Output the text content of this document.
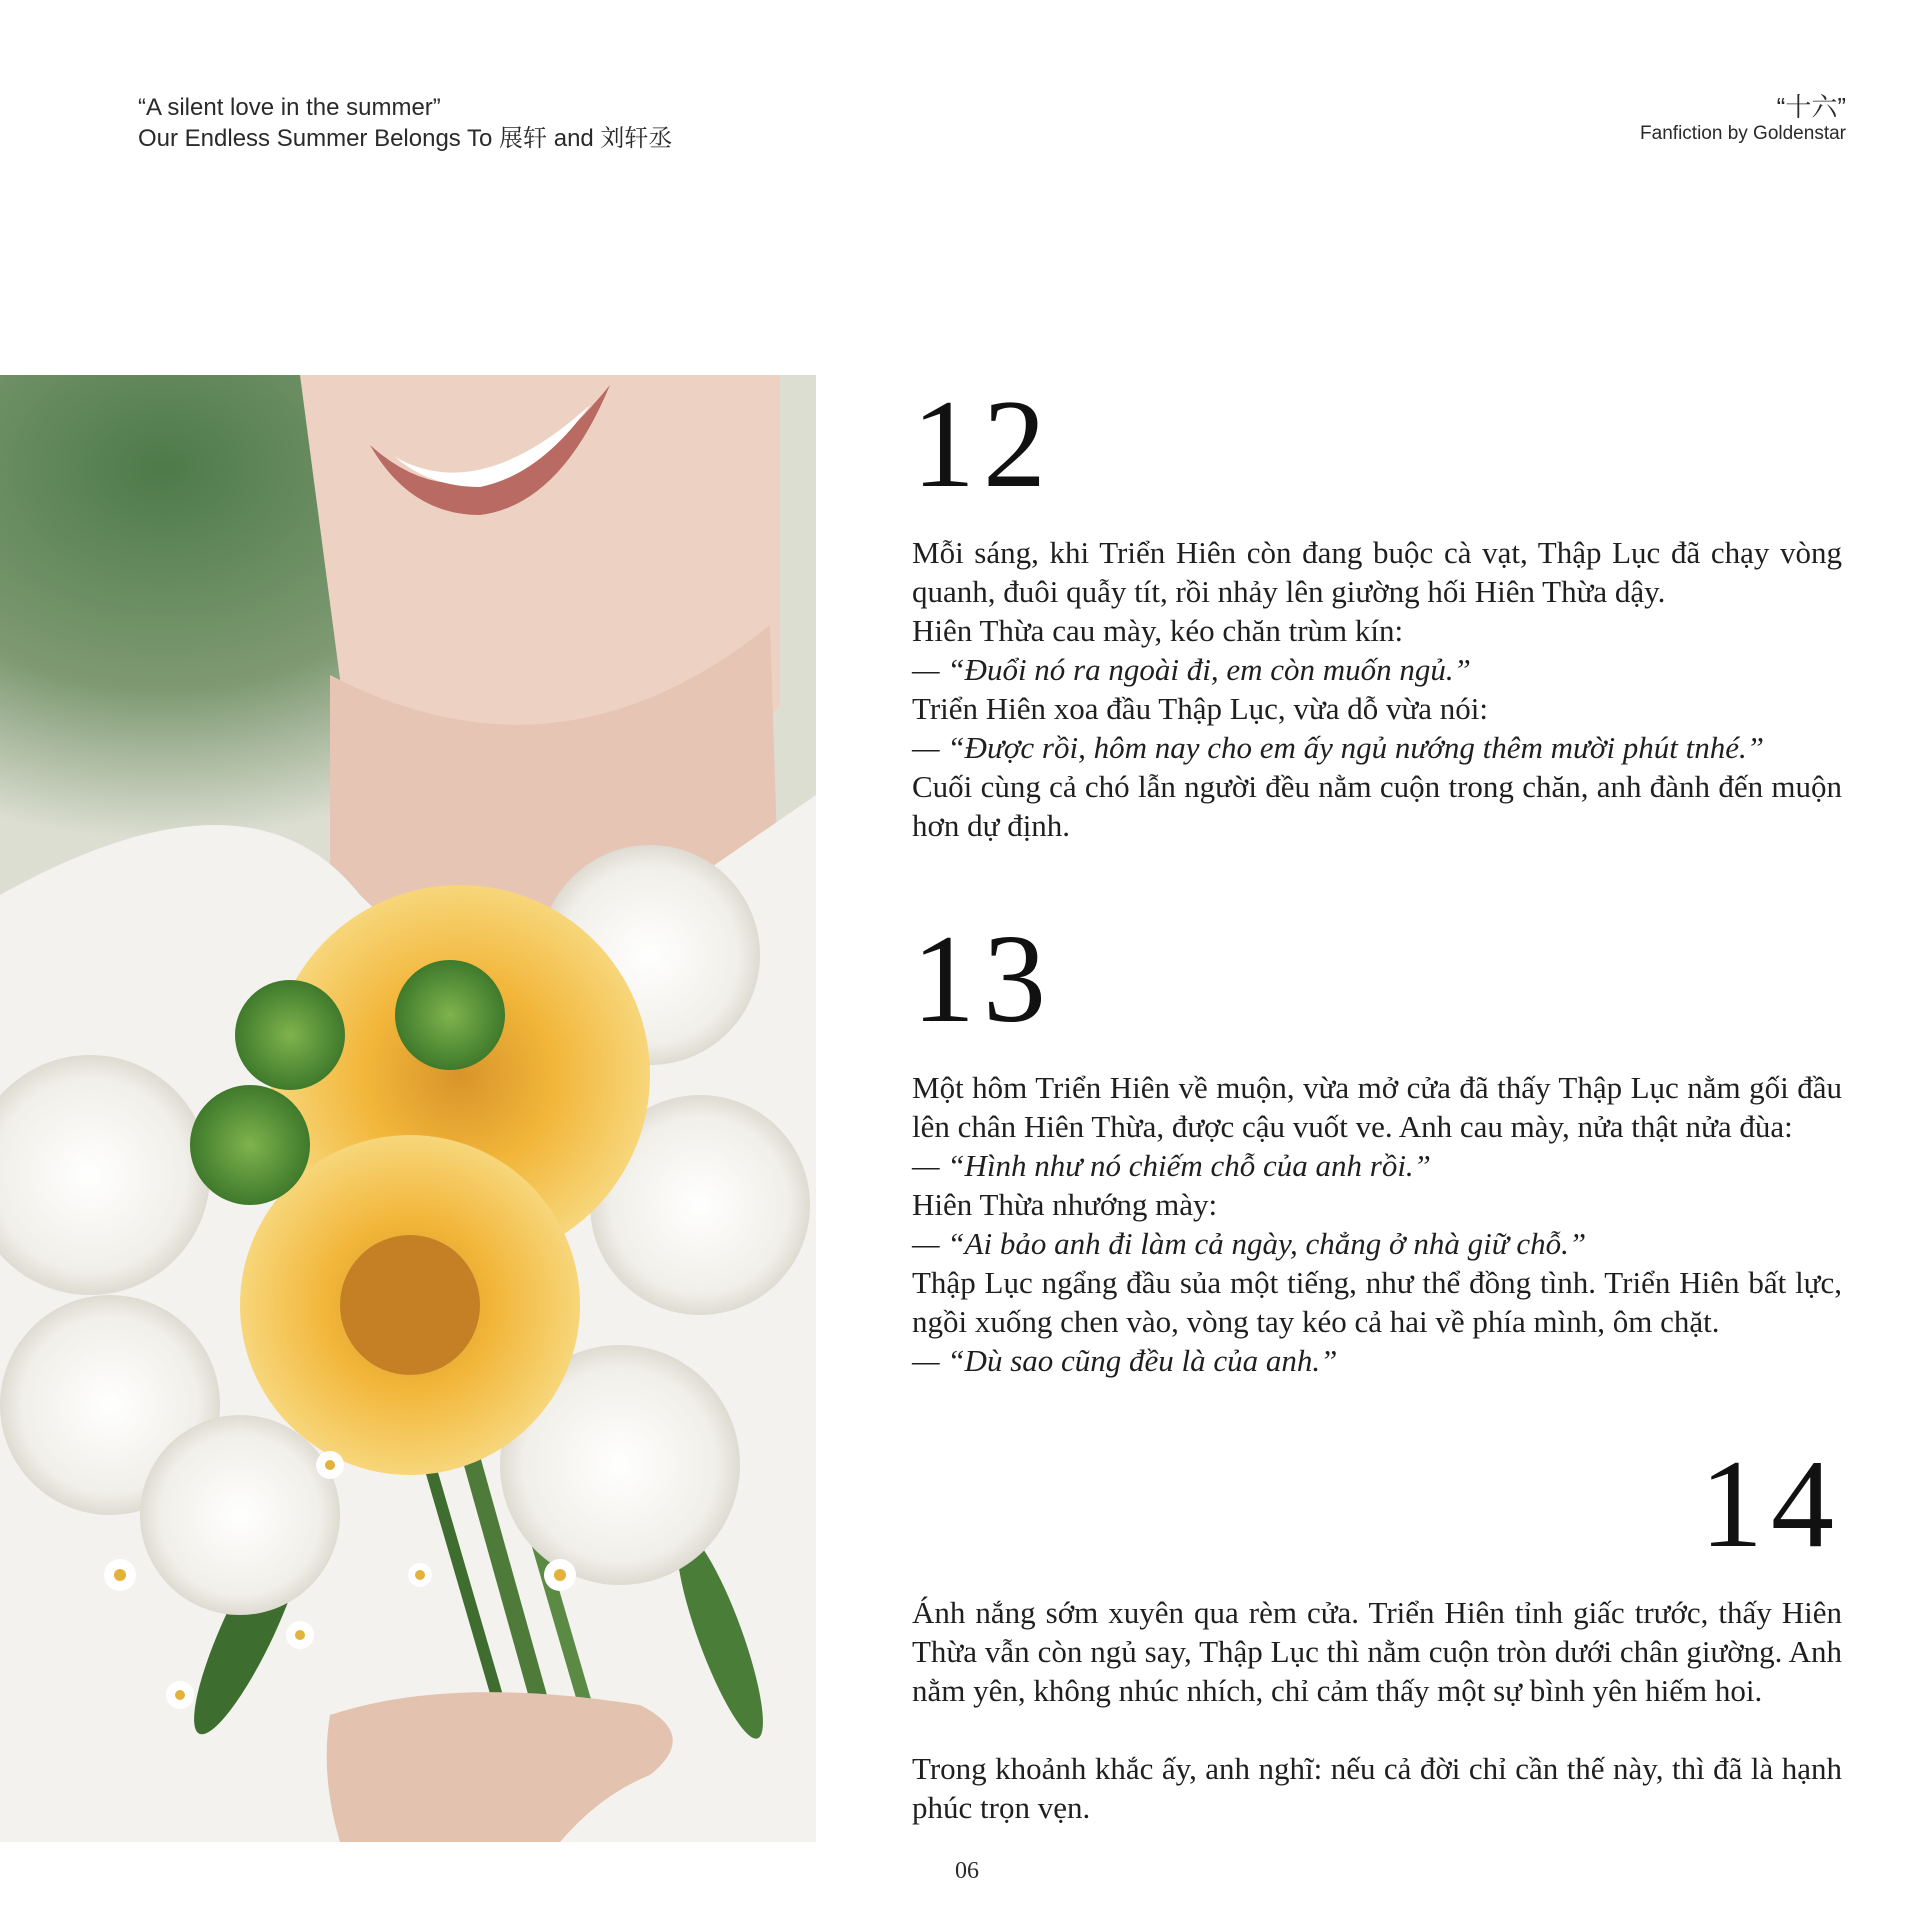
“A silent love in the summer”
Our Endless Summer Belongs To 展轩 and 刘轩丞
“十六”
Fanfiction by Goldenstar
12
Mỗi sáng, khi Triển Hiên còn đang buộc cà vạt, Thập Lục đã chạy vòng quanh, đuôi quẫy tít, rồi nhảy lên giường hối Hiên Thừa dậy.
Hiên Thừa cau mày, kéo chăn trùm kín:
— “Đuổi nó ra ngoài đi, em còn muốn ngủ.”
Triển Hiên xoa đầu Thập Lục, vừa dỗ vừa nói:
— “Được rồi, hôm nay cho em ấy ngủ nướng thêm mười phút tnhé.”
Cuối cùng cả chó lẫn người đều nằm cuộn trong chăn, anh đành đến muộn hơn dự định.
13
Một hôm Triển Hiên về muộn, vừa mở cửa đã thấy Thập Lục nằm gối đầu lên chân Hiên Thừa, được cậu vuốt ve. Anh cau mày, nửa thật nửa đùa:
— “Hình như nó chiếm chỗ của anh rồi.”
Hiên Thừa nhướng mày:
— “Ai bảo anh đi làm cả ngày, chẳng ở nhà giữ chỗ.”
Thập Lục ngẩng đầu sủa một tiếng, như thể đồng tình. Triển Hiên bất lực, ngồi xuống chen vào, vòng tay kéo cả hai về phía mình, ôm chặt.
— “Dù sao cũng đều là của anh.”
14
Ánh nắng sớm xuyên qua rèm cửa. Triển Hiên tỉnh giấc trước, thấy Hiên Thừa vẫn còn ngủ say, Thập Lục thì nằm cuộn tròn dưới chân giường. Anh nằm yên, không nhúc nhích, chỉ cảm thấy một sự bình yên hiếm hoi.
Trong khoảnh khắc ấy, anh nghĩ: nếu cả đời chỉ cần thế này, thì đã là hạnh phúc trọn vẹn.
06
